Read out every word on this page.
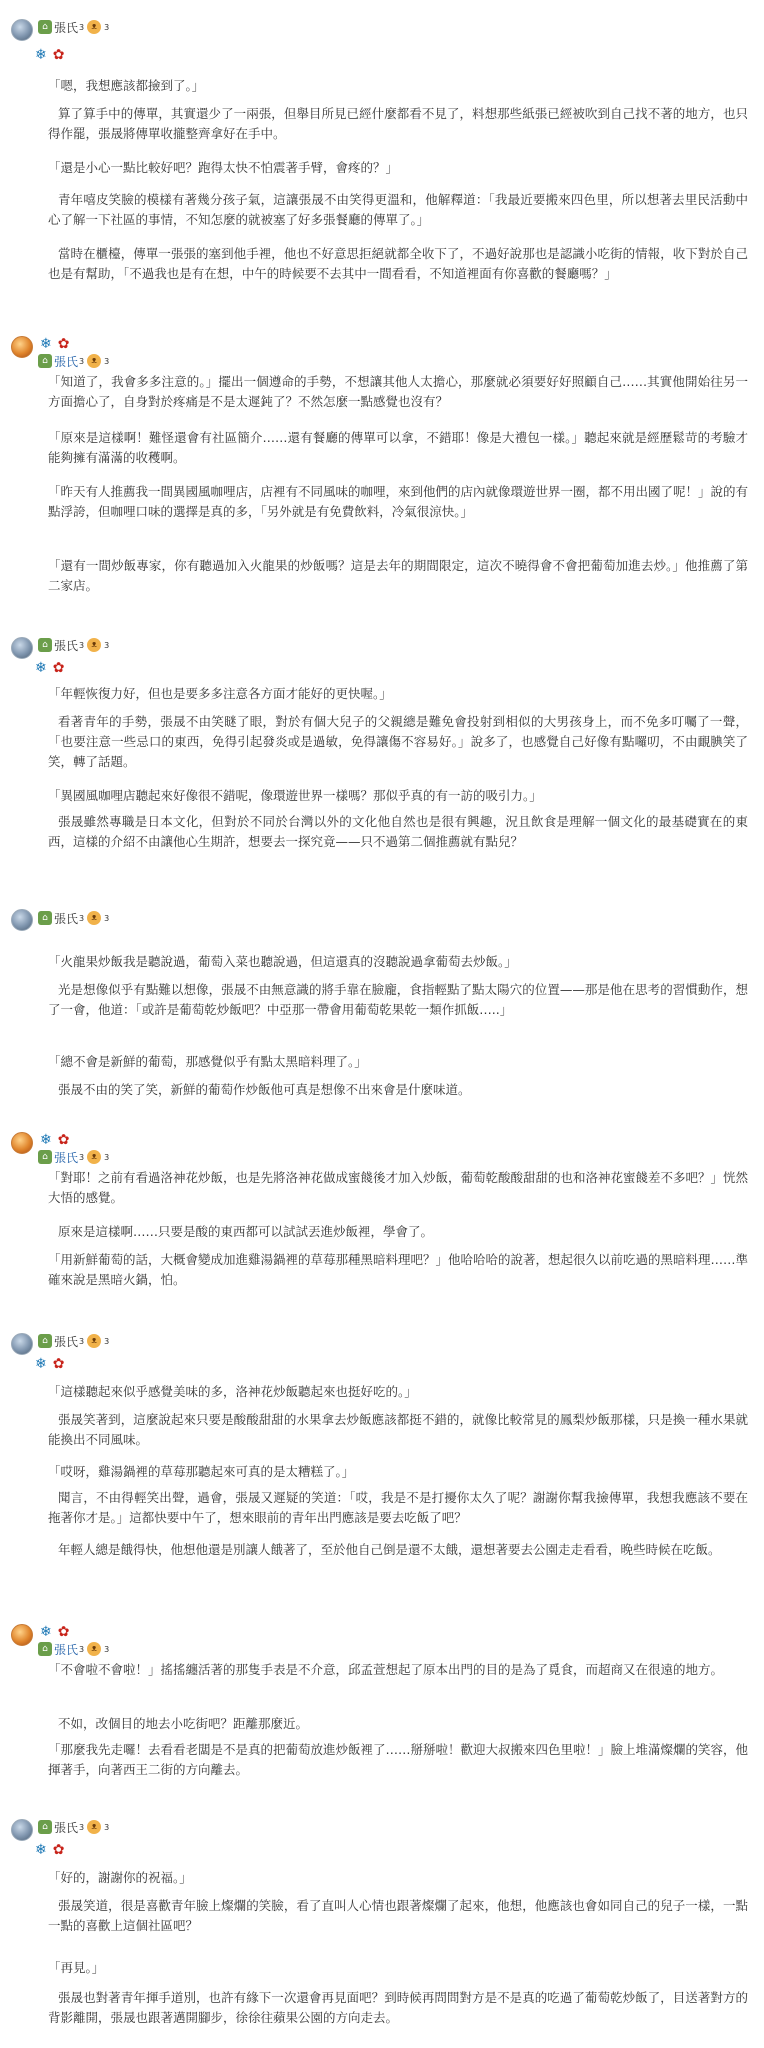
⌂ 張氏 3 ᴥ 3
❄ ✿

「嗯，我想應該都撿到了。」

算了算手中的傳單，其實還少了一兩張，但舉目所見已經什麼都看不見了，料想那些紙張已經被吹到自己找不著的地方，也只得作罷，張晟將傳單收攏整齊拿好在手中。

「還是小心一點比較好吧？跑得太快不怕震著手臂，會疼的？」

青年嘻皮笑臉的模樣有著幾分孩子氣，這讓張晟不由笑得更溫和，他解釋道：「我最近要搬來四色里，所以想著去里民活動中心了解一下社區的事情，不知怎麼的就被塞了好多張餐廳的傳單了。」

當時在櫃檯，傳單一張張的塞到他手裡，他也不好意思拒絕就都全收下了，不過好說那也是認識小吃街的情報，收下對於自己也是有幫助，「不過我也是有在想，中午的時候要不去其中一間看看，不知道裡面有你喜歡的餐廳嗎？」

❄ ✿
⌂ 張氏 3 ᴥ 3

「知道了，我會多多注意的。」擺出一個遵命的手勢，不想讓其他人太擔心，那麼就必須要好好照顧自己……其實他開始往另一方面擔心了，自身對於疼痛是不是太遲鈍了？不然怎麼一點感覺也沒有？

「原來是這樣啊！難怪還會有社區簡介……還有餐廳的傳單可以拿，不錯耶！像是大禮包一樣。」聽起來就是經歷鬆苛的考驗才能夠擁有滿滿的收穫啊。

「昨天有人推薦我一間異國風咖哩店，店裡有不同風味的咖哩，來到他們的店內就像環遊世界一圈，都不用出國了呢！」說的有點浮誇，但咖哩口味的選擇是真的多，「另外就是有免費飲料，冷氣很涼快。」

「還有一間炒飯專家，你有聽過加入火龍果的炒飯嗎？這是去年的期間限定，這次不曉得會不會把葡萄加進去炒。」他推薦了第二家店。

⌂ 張氏 3 ᴥ 3
❄ ✿

「年輕恢復力好，但也是要多多注意各方面才能好的更快喔。」

看著青年的手勢，張晟不由笑瞇了眼，對於有個大兒子的父親總是難免會投射到相似的大男孩身上，而不免多叮囑了一聲，「也要注意一些忌口的東西，免得引起發炎或是過敏，免得讓傷不容易好。」說多了，也感覺自己好像有點囉叨，不由靦腆笑了笑，轉了話題。

「異國風咖哩店聽起來好像很不錯呢，像環遊世界一樣嗎？那似乎真的有一訪的吸引力。」

張晟雖然專職是日本文化，但對於不同於台灣以外的文化他自然也是很有興趣，況且飲食是理解一個文化的最基礎實在的東西，這樣的介紹不由讓他心生期許，想要去一探究竟——只不過第二個推薦就有點兒？

⌂ 張氏 3 ᴥ 3

「火龍果炒飯我是聽說過，葡萄入菜也聽說過，但這還真的沒聽說過拿葡萄去炒飯。」

光是想像似乎有點難以想像，張晟不由無意識的將手靠在臉龐，食指輕點了點太陽穴的位置——那是他在思考的習慣動作，想了一會，他道：「或許是葡萄乾炒飯吧？中亞那一帶會用葡萄乾果乾一類作抓飯…..」

「總不會是新鮮的葡萄，那感覺似乎有點太黑暗料理了。」

張晟不由的笑了笑，新鮮的葡萄作炒飯他可真是想像不出來會是什麼味道。

❄ ✿
⌂ 張氏 3 ᴥ 3

「對耶！之前有看過洛神花炒飯，也是先將洛神花做成蜜餞後才加入炒飯，葡萄乾酸酸甜甜的也和洛神花蜜餞差不多吧？」恍然大悟的感覺。

原來是這樣啊……只要是酸的東西都可以試試丟進炒飯裡，學會了。

「用新鮮葡萄的話，大概會變成加進雞湯鍋裡的草莓那種黑暗料理吧？」他哈哈哈的說著，想起很久以前吃過的黑暗料理……準確來說是黑暗火鍋，怕。

⌂ 張氏 3 ᴥ 3
❄ ✿

「這樣聽起來似乎感覺美味的多，洛神花炒飯聽起來也挺好吃的。」

張晟笑著到，這麼說起來只要是酸酸甜甜的水果拿去炒飯應該都挺不錯的，就像比較常見的鳳梨炒飯那樣，只是換一種水果就能換出不同風味。

「哎呀，雞湯鍋裡的草莓那聽起來可真的是太糟糕了。」

聞言，不由得輕笑出聲，過會，張晟又遲疑的笑道：「哎，我是不是打擾你太久了呢？謝謝你幫我撿傳單，我想我應該不要在拖著你才是。」這都快要中午了，想來眼前的青年出門應該是要去吃飯了吧？

年輕人總是餓得快，他想他還是別讓人餓著了，至於他自己倒是還不太餓，還想著要去公園走走看看，晚些時候在吃飯。

❄ ✿
⌂ 張氏 3 ᴥ 3

「不會啦不會啦！」搖搖纏活著的那隻手表是不介意，邱孟萱想起了原本出門的目的是為了覓食，而超商又在很遠的地方。

不如，改個目的地去小吃街吧？距離那麼近。

「那麼我先走囉！去看看老闆是不是真的把葡萄放進炒飯裡了……掰掰啦！歡迎大叔搬來四色里啦！」臉上堆滿燦爛的笑容，他揮著手，向著西王二街的方向離去。

⌂ 張氏 3 ᴥ 3
❄ ✿

「好的，謝謝你的祝福。」

張晟笑道，很是喜歡青年臉上燦爛的笑臉，看了直叫人心情也跟著燦爛了起來，他想，他應該也會如同自己的兒子一樣，一點一點的喜歡上這個社區吧？

「再見。」

張晟也對著青年揮手道別，也許有緣下一次還會再見面吧？到時候再問問對方是不是真的吃過了葡萄乾炒飯了，目送著對方的背影離開，張晟也跟著邁開腳步，徐徐往蘋果公園的方向走去。
